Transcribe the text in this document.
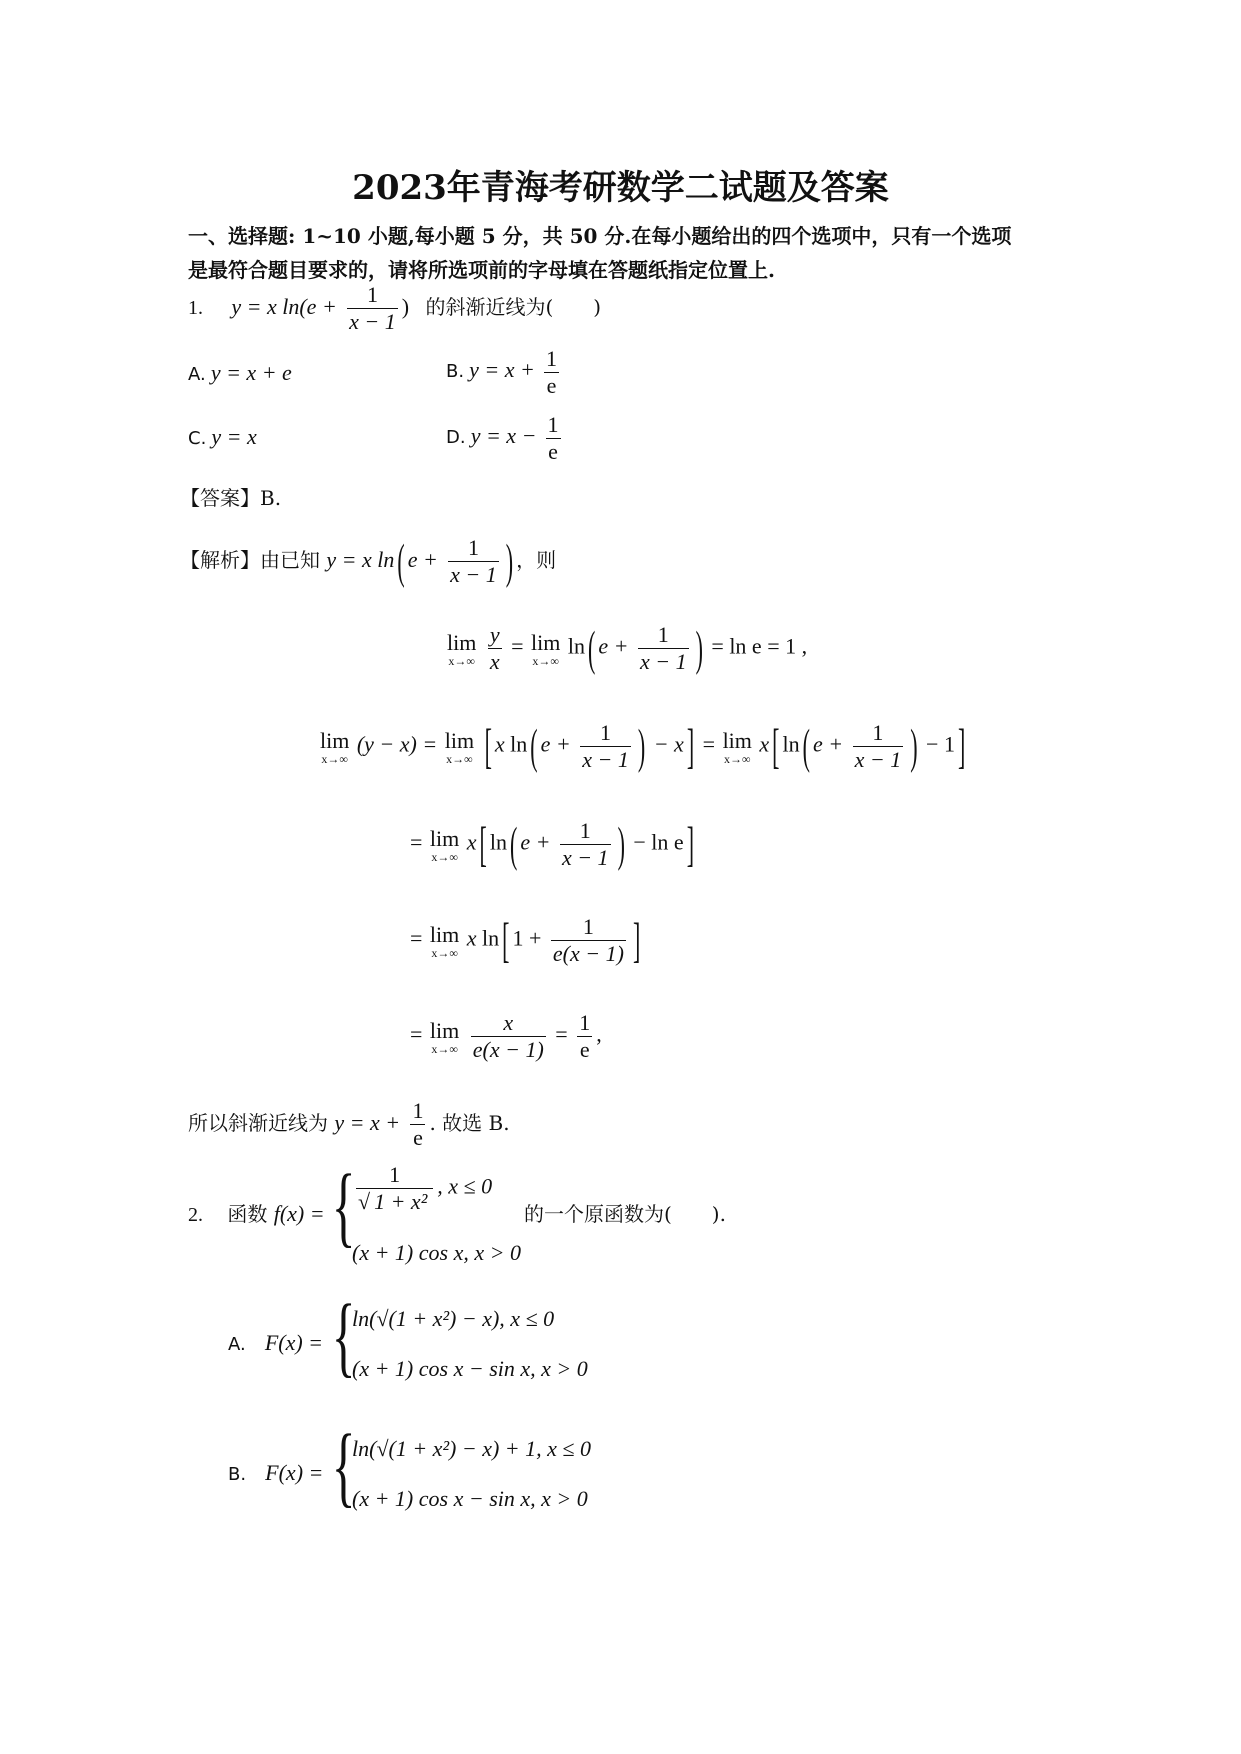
2023年青海考研数学二试题及答案
一、选择题: 1~10 小题,每小题 5 分，共 50 分.在每小题给出的四个选项中，只有一个选项
是最符合题目要求的，请将所选项前的字母填在答题纸指定位置上.
1. y = x $\ln(e + \frac{1}{x - 1}$ ) 的斜渐近线为(　　)
A. y = x + e	B. $y = x + \frac{1}{e}$
C. y = x	D. $y = x - \frac{1}{e}$
【答案】B.
【解析】由已知 y = x ln ( $e + \frac{1}{x - 1}$ ) ，则
lim
x→∞
$\frac{y}{x} = \lim$
x→∞
ln ( $e + \frac{1}{x - 1}$ ) = ln e = 1 ,
lim
x→∞
(y − x) = lim
x→∞ [ x ln ( $e + \frac{1}{x - 1}$ ) − x ] = lim
x→∞
x [ ln ( $e + \frac{1}{x - 1}$ ) − 1 ]
= lim
x→∞
x [ ln ( $e + \frac{1}{x - 1}$ ) − ln e ]
= lim
x→∞
x ln [ $1 + \frac{1}{e(x - 1)}$ ]
= lim
x→∞
$\frac{x}{e(x - 1)} = \frac{1}{e}$ ,
所以斜渐近线为 $y = x + \frac{1}{e}$ . 故选 B.
2. 函数 f(x) = { $\frac{1}{\text{√ 1 + x²}}$ , x ≤ 0
(x + 1) cos x, x > 0
的一个原函数为(　　).
A. F(x) = {
ln(√(1 + x²) − x), x ≤ 0
(x + 1) cos x − sin x, x > 0
B. F(x) = {
ln(√(1 + x²) − x) + 1, x ≤ 0
(x + 1) cos x − sin x, x > 0
